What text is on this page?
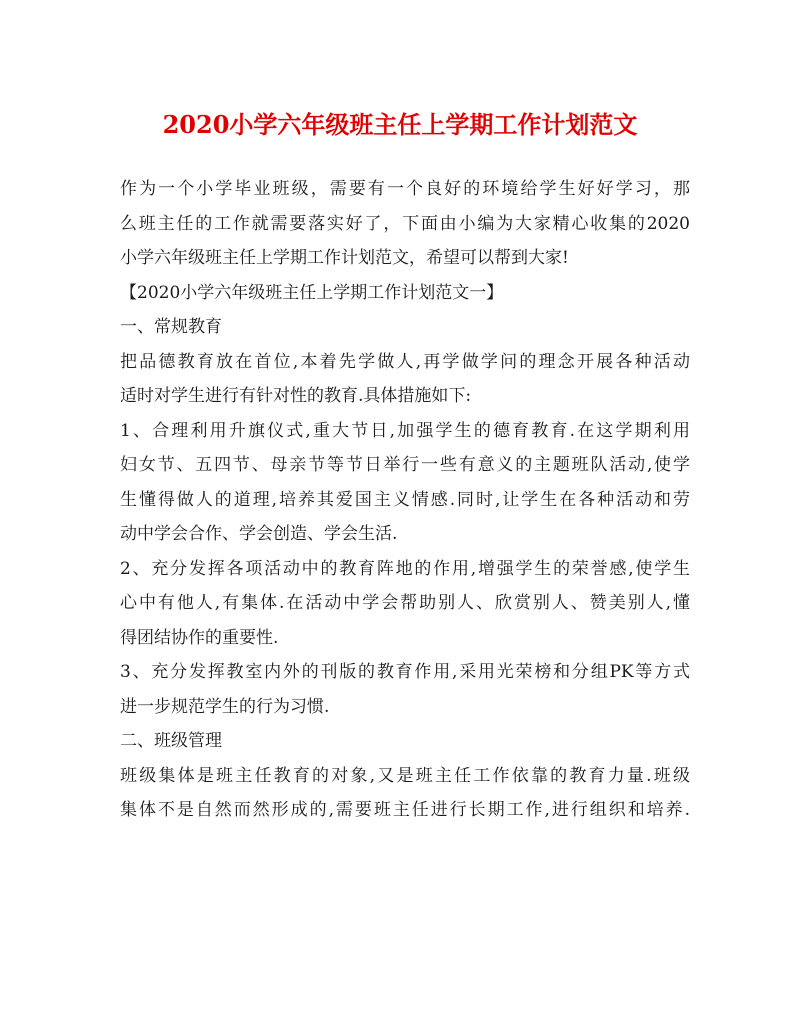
2020小学六年级班主任上学期工作计划范文
作为一个小学毕业班级，需要有一个良好的环境给学生好好学习，那
么班主任的工作就需要落实好了，下面由小编为大家精心收集的2020
小学六年级班主任上学期工作计划范文，希望可以帮到大家!
【2020小学六年级班主任上学期工作计划范文一】
一、常规教育
把品德教育放在首位,本着先学做人,再学做学问的理念开展各种活动
适时对学生进行有针对性的教育.具体措施如下:
1、合理利用升旗仪式,重大节日,加强学生的德育教育.在这学期利用
妇女节、五四节、母亲节等节日举行一些有意义的主题班队活动,使学
生懂得做人的道理,培养其爱国主义情感.同时,让学生在各种活动和劳
动中学会合作、学会创造、学会生活.
2、充分发挥各项活动中的教育阵地的作用,增强学生的荣誉感,使学生
心中有他人,有集体.在活动中学会帮助别人、欣赏别人、赞美别人,懂
得团结协作的重要性.
3、充分发挥教室内外的刊版的教育作用,采用光荣榜和分组PK等方式
进一步规范学生的行为习惯.
二、班级管理
班级集体是班主任教育的对象,又是班主任工作依靠的教育力量.班级
集体不是自然而然形成的,需要班主任进行长期工作,进行组织和培养.
